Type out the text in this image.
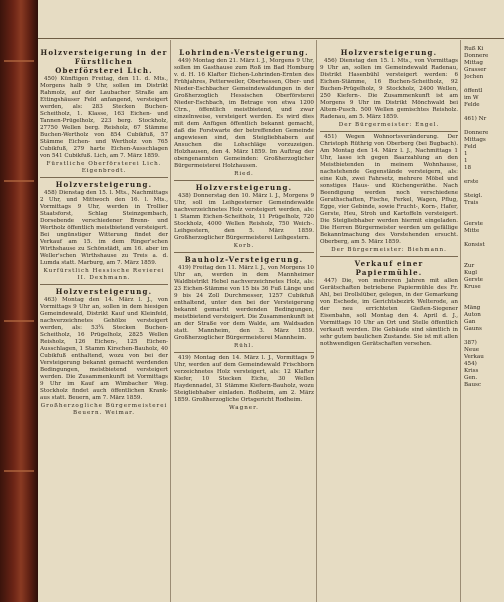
Holzversteigerung in der Fürstlichen Oberförsterei Lich.

450) Künftigen Freitag, den 11. d. Mts., Morgens halb 9 Uhr, sollen im Distrikt Rahmolz, auf der Laubacher Straße am Ettingshäuser Feld anfangend, versteigert werden, als: 283 Stecken Buchen-Scheitholz, 1. Klasse, 163 Eichen- und Tannen-Prügelholz, 223 berg. Stockholz, 27750 Wellen berg. Reisholz, 67 Stämme Buchen-Wertholz von 854 Cubikfuß, 57 Stämme Eichen- und Wertholz von 765 Cubikfuß, 279 harte Eichen-Ausschlagen von 541 Cubikfuß. Lich, am 7. März 1859.

Fürstliche Oberförsterei Lich. Eigenbrodt.
Holzversteigerung.

458) Dienstag den 15. l. Mts., Nachmittags 2 Uhr, und Mittwoch den 16. l. Mts., Vormittags 9 Uhr, werden in Trollier Staatsforst, Schlag Steinzgembach, Dorsebende verschiedener Brenn- und Wertholz öffentlich meistbietend versteigert. Bei ungünstiger Witterung findet der Verkauf am 15. im dem Ringer'schen Wirthshause zu Schönstädt, am 16. aber im Weller'schen Wirthshause zu Treis a. d. Lumda statt. Marburg, am 7. März 1859.

Kurfürstlich Hessische Revierei II. Dexhmann.
Holzversteigerung.

463) Montag den 14. März l. J., von Vormittags 9 Uhr an, sollen in dem hiesigen Gemeindewald, Distrikt Kauf und Kleinfeld, nachverzeichnetes Gehölze versteigert werden, als: 53¾ Stecken Buchen-Scheitholz, 16 Prügelholz, 2825 Wellen Reisholz, 126 Eichen-, 125 Eichen-Ausschlagen, 1 Stamm Kirschen-Bauholz, 40 Cubikfuß enthaltend, wozu von bei der Versteigerung bekannt gemacht werdenden Bedingungen, meistbietend versteigert werden. Die Zusammenkunft ist Vormittags 9 Uhr im Kauf am Wimbacher Weg. Stockholz findet auch öffentlichen Krank- aus statt. Beuern, am 7. März 1859.

Großherzogliche Bürgermeisterei Beuern. Weimar.
Lohrinden-Versteigerung.

449) Montag den 21. März l. J., Morgens 9 Uhr, sollen im Gasthause zum Roß im Bad Homburg v. d. H. 16 Klafter Eichen-Lohrinden-Ernten des Frühjahres, Petterweiler, Oberhessen, Ober- und Nieder-Eschbacher Gemeindewaldungen in der Großherzoglich Hessischen Oberförsterei Nieder-Eschbach, im Betrage von etwa 1200 Ctrn., öffentlich meistbietend, und zwar einzelnweise, versteigert werden. Es wird dies mit dem Anfügen öffentlich bekannt gemacht, daß die Forstwarte der betreffenden Gemeinde angewiesen sind, den Steigliebhabern auf Ansuchen die Lohschläge vorzuzeigen. Holzhausen, den 4. März 1859. Im Auftrag der obengenannten Gemeinden: Großherzoglicher Bürgermeisterei Holzhausen.

Ried.
Holzversteigerung.

438) Donnerstag den 10. März l. J., Morgens 9 Uhr, soll im Leihgesterner Gemeindewalde nachverzeichnetes Holz versteigert werden, als: 1 Stamm Eichen-Scheitholz, 11 Prügelholz, 720 Stockholz, 4000 Wellen Reisholz, 750 Weich-. Leihgestern, den 5. März 1859. Großherzoglicher Bürgermeisterei Leihgestern.

Korb.
Bauholz-Versteigerung.

419) Freitag den 11. März l. J., von Morgens 10 Uhr an, werden in dem Mannheimer Waldbistrikt Hebel nachverzeichnetes Holz, als: 23 Eichen-Stämme von 15 bis 36 Fuß Länge und 9 bis 24 Zoll Durchmesser, 1257 Cubikfuß enthaltend, unter den bei der Versteigerung bekannt gemacht werdenden Bedingungen, meistbietend versteigert. Die Zusammenkunft ist an der Straße vor dem Walde, am Waldsaden statt. Mannheim, den 3. März 1859. Großherzoglicher Bürgermeisterei Mannheim.

Rühl.

419) Montag den 14. März l. J., Vormittags 9 Uhr, werden auf dem Gemeindewald Frischborn verzeichnetes Holz versteigert, als: 12 Klafter Kiefer, 10 Stecken Eiche, 30 Wellen Haydennadel, 31 Stämme Kiefern-Bauholz, wozu Steigliebhaber einladen. Roßheim, am 2. März 1859. Großherzogliche Ortsgericht Rodheim.

Wagner.
Holzversteigerung.

456) Dienstag den 15. l. Mts., von Vormittags 9 Uhr an, sollen im Gemeindewald Radenau, Distrikt Hasenbühl versteigert werden: 6 Eichen-Stämme, 16 Buchen-Scheitholz, 92 Buchen-Prügelholz, 9 Stockholz, 2400 Wellen, 250 Kiefern-. Die Zusammenkunft ist am Morgens 9 Uhr im Distrikt Mönchwald bei Altem-Pusch. 500 Wellen gemischtes Reisholz. Radenau, am 5. März 1859.

Der Bürgermeister: Engel.

451) Wegen Wohnortsveränderung. Der Christoph Rüthrig von Oberberg (bei Bugbach). Am Montag den 14. März l. J., Nachmittags 1 Uhr, lasse ich gegen Baarzahlung an den Meistbietenden in meinem Wohnhause, nachstehende Gegenstände versteigern, als: eine Kuh, zwei Fahrsetz, mehrere Möbel und sonstiges Haus- und Küchengeräthe. Nach Beendigung werden noch verschiedene Gerathschaften, Fische, Ferkel, Wagen, Pflug, Egge, vier Gebinde, sowie Frucht-, Korn-, Hafer, Gerste, Heu, Stroh und Kartoffeln versteigert. Die Steigliebhaber werden hiermit eingeladen. Die Herren Bürgermeister werden um gefällige Bekanntmachung des Vorstehenden ersucht. Oberberg, am 5. März 1859.

Der Bürgermeister: Biehmann.
Verkauf einer Papiermühle.

447) Die, von mehreren Jahren mit allen Gerätschaften betriebene Papiermühle des Fr. Ahl, bei Drollslüber, gelegen, in der Gemarkung von Eschede, im Gerichtsbezirk Welterode, an der neu errichteten Gießen-Siegener Eisenbahn, soll Montag den 4. April d. J., Vormittags 10 Uhr an Ort und Stelle öffentlich verkauft werden. Die Gebäude sind sämtlich in sehr gutem baulichen Zustande. Sie ist mit allen nothwendigen Gerätschaften versehen.

Ruß Ki
Donnere
Mittag
Grasser
Jochen
öffentl
im W
Felde
461) Nr
Donnere
Mittags
Feld
1
1
18
erste
Steigl.
Trais
Gerste
Mitte
Konsist
Zur
Kugl
Gerste
Kruse
Mäng
Auton
Gan
Gauns
387)
Neue
Verkau
454)
Kriss
Gen.
Bausc
